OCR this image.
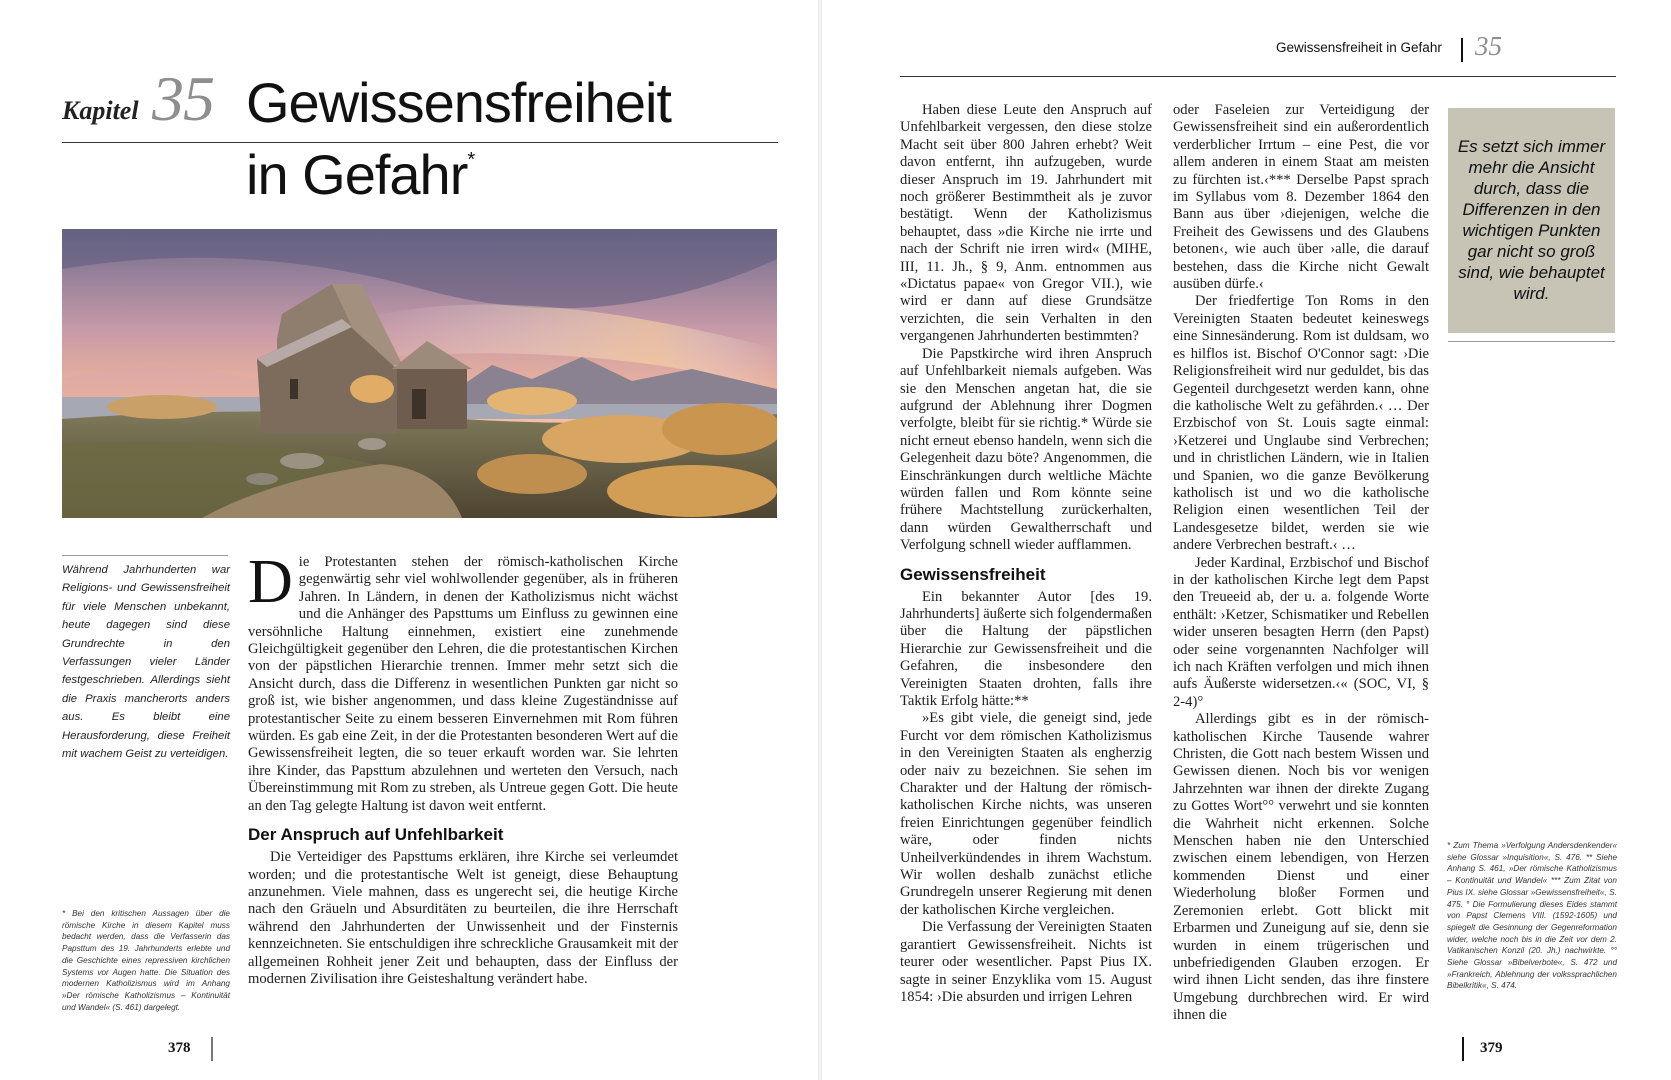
Kapitel 35 Gewissensfreiheit
in Gefahr*
Während Jahrhunderten war Religions- und Gewissensfreiheit für viele Menschen unbekannt, heute dagegen sind diese Grundrechte in den Verfassungen vieler Länder festgeschrieben. Allerdings sieht die Praxis mancherorts anders aus. Es bleibt eine Herausforderung, diese Freiheit mit wachem Geist zu verteidigen.
* Bei den kritischen Aussagen über die römische Kirche in diesem Kapitel muss bedacht werden, dass die Verfasserin das Papsttum des 19. Jahrhunderts erlebte und die Geschichte eines repressiven kirchlichen Systems vor Augen hatte. Die Situation des modernen Katholizismus wird im Anhang »Der römische Katholizismus – Kontinuität und Wandel« (S. 461) dargelegt.

Die Protestanten stehen der römisch-katholischen Kirche gegenwärtig sehr viel wohlwollender gegenüber, als in früheren Jahren. In Ländern, in denen der Katholizismus nicht wächst und die Anhänger des Papsttums um Einfluss zu gewinnen eine versöhnliche Haltung einnehmen, existiert eine zunehmende Gleichgültigkeit gegenüber den Lehren, die die protestantischen Kirchen von der päpstlichen Hierarchie trennen. Immer mehr setzt sich die Ansicht durch, dass die Differenz in wesentlichen Punkten gar nicht so groß ist, wie bisher angenommen, und dass kleine Zugeständnisse auf protestantischer Seite zu einem besseren Einvernehmen mit Rom führen würden. Es gab eine Zeit, in der die Protestanten besonderen Wert auf die Gewissensfreiheit legten, die so teuer erkauft worden war. Sie lehrten ihre Kinder, das Papsttum abzulehnen und werteten den Versuch, nach Übereinstimmung mit Rom zu streben, als Untreue gegen Gott. Die heute an den Tag gelegte Haltung ist davon weit entfernt.

Der Anspruch auf Unfehlbarkeit

Die Verteidiger des Papsttums erklären, ihre Kirche sei verleumdet worden; und die protestantische Welt ist geneigt, diese Behauptung anzunehmen. Viele mahnen, dass es ungerecht sei, die heutige Kirche nach den Gräueln und Absurditäten zu beurteilen, die ihre Herrschaft während den Jahrhunderten der Unwissenheit und der Finsternis kennzeichneten. Sie entschuldigen ihre schreckliche Grausamkeit mit der allgemeinen Rohheit jener Zeit und behaupten, dass der Einfluss der modernen Zivilisation ihre Geisteshaltung verändert habe.

378
Gewissensfreiheit in Gefahr 35

Haben diese Leute den Anspruch auf Unfehlbarkeit vergessen, den diese stolze Macht seit über 800 Jahren erhebt? Weit davon entfernt, ihn aufzugeben, wurde dieser Anspruch im 19. Jahrhundert mit noch größerer Bestimmtheit als je zuvor bestätigt. Wenn der Katholizismus behauptet, dass »die Kirche nie irrte und nach der Schrift nie irren wird« (MIHE, III, 11. Jh., § 9, Anm. entnommen aus «Dictatus papae« von Gregor VII.), wie wird er dann auf diese Grundsätze verzichten, die sein Verhalten in den vergangenen Jahrhunderten bestimmten?

Die Papstkirche wird ihren Anspruch auf Unfehlbarkeit niemals aufgeben. Was sie den Menschen angetan hat, die sie aufgrund der Ablehnung ihrer Dogmen verfolgte, bleibt für sie richtig.* Würde sie nicht erneut ebenso handeln, wenn sich die Gelegenheit dazu böte? Angenommen, die Einschränkungen durch weltliche Mächte würden fallen und Rom könnte seine frühere Machtstellung zurückerhalten, dann würden Gewaltherrschaft und Verfolgung schnell wieder aufflammen.

Gewissensfreiheit

Ein bekannter Autor [des 19. Jahrhunderts] äußerte sich folgendermaßen über die Haltung der päpstlichen Hierarchie zur Gewissensfreiheit und die Gefahren, die insbesondere den Vereinigten Staaten drohten, falls ihre Taktik Erfolg hätte:**

»Es gibt viele, die geneigt sind, jede Furcht vor dem römischen Katholizismus in den Vereinigten Staaten als engherzig oder naiv zu bezeichnen. Sie sehen im Charakter und der Haltung der römisch-katholischen Kirche nichts, was unseren freien Einrichtungen gegenüber feindlich wäre, oder finden nichts Unheilverkündendes in ihrem Wachstum. Wir wollen deshalb zunächst etliche Grundregeln unserer Regierung mit denen der katholischen Kirche vergleichen.

Die Verfassung der Vereinigten Staaten garantiert Gewissensfreiheit. Nichts ist teurer oder wesentlicher. Papst Pius IX. sagte in seiner Enzyklika vom 15. August 1854: ›Die absurden und irrigen Lehren

oder Faseleien zur Verteidigung der Gewissensfreiheit sind ein außerordentlich verderblicher Irrtum – eine Pest, die vor allem anderen in einem Staat am meisten zu fürchten ist.‹*** Derselbe Papst sprach im Syllabus vom 8. Dezember 1864 den Bann aus über ›diejenigen, welche die Freiheit des Gewissens und des Glaubens betonen‹, wie auch über ›alle, die darauf bestehen, dass die Kirche nicht Gewalt ausüben dürfe.‹

Der friedfertige Ton Roms in den Vereinigten Staaten bedeutet keineswegs eine Sinnesänderung. Rom ist duldsam, wo es hilflos ist. Bischof O'Connor sagt: ›Die Religionsfreiheit wird nur geduldet, bis das Gegenteil durchgesetzt werden kann, ohne die katholische Welt zu gefährden.‹ … Der Erzbischof von St. Louis sagte einmal: ›Ketzerei und Unglaube sind Verbrechen; und in christlichen Ländern, wie in Italien und Spanien, wo die ganze Bevölkerung katholisch ist und wo die katholische Religion einen wesentlichen Teil der Landesgesetze bildet, werden sie wie andere Verbrechen bestraft.‹ …

Jeder Kardinal, Erzbischof und Bischof in der katholischen Kirche legt dem Papst den Treueeid ab, der u. a. folgende Worte enthält: ›Ketzer, Schismatiker und Rebellen wider unseren besagten Herrn (den Papst) oder seine vorgenannten Nachfolger will ich nach Kräften verfolgen und mich ihnen aufs Äußerste widersetzen.‹« (SOC, VI, § 2-4)°

Allerdings gibt es in der römisch-katholischen Kirche Tausende wahrer Christen, die Gott nach bestem Wissen und Gewissen dienen. Noch bis vor wenigen Jahrzehnten war ihnen der direkte Zugang zu Gottes Wort°° verwehrt und sie konnten die Wahrheit nicht erkennen. Solche Menschen haben nie den Unterschied zwischen einem lebendigen, von Herzen kommenden Dienst und einer Wiederholung bloßer Formen und Zeremonien erlebt. Gott blickt mit Erbarmen und Zuneigung auf sie, denn sie wurden in einem trügerischen und unbefriedigenden Glauben erzogen. Er wird ihnen Licht senden, das ihre finstere Umgebung durchbrechen wird. Er wird ihnen die

Es setzt sich immer mehr die Ansicht durch, dass die Differenzen in den wichtigen Punkten gar nicht so groß sind, wie behauptet wird.
* Zum Thema »Verfolgung Andersdenkender« siehe Glossar »Inquisition«, S. 476. ** Siehe Anhang S. 461, »Der römische Katholizismus – Kontinuität und Wandel« *** Zum Zitat von Pius IX. siehe Glossar »Gewissensfreiheit«, S. 475. ° Die Formulierung dieses Eides stammt von Papst Clemens VIII. (1592-1605) und spiegelt die Gesinnung der Gegenreformation wider, welche noch bis in die Zeit vor dem 2. Vatikanischen Konzil (20. Jh.) nachwirkte. °° Siehe Glossar »Bibelverbote«, S. 472 und »Frankreich, Ablehnung der volkssprachlichen Bibelkritik«, S. 474.
379
